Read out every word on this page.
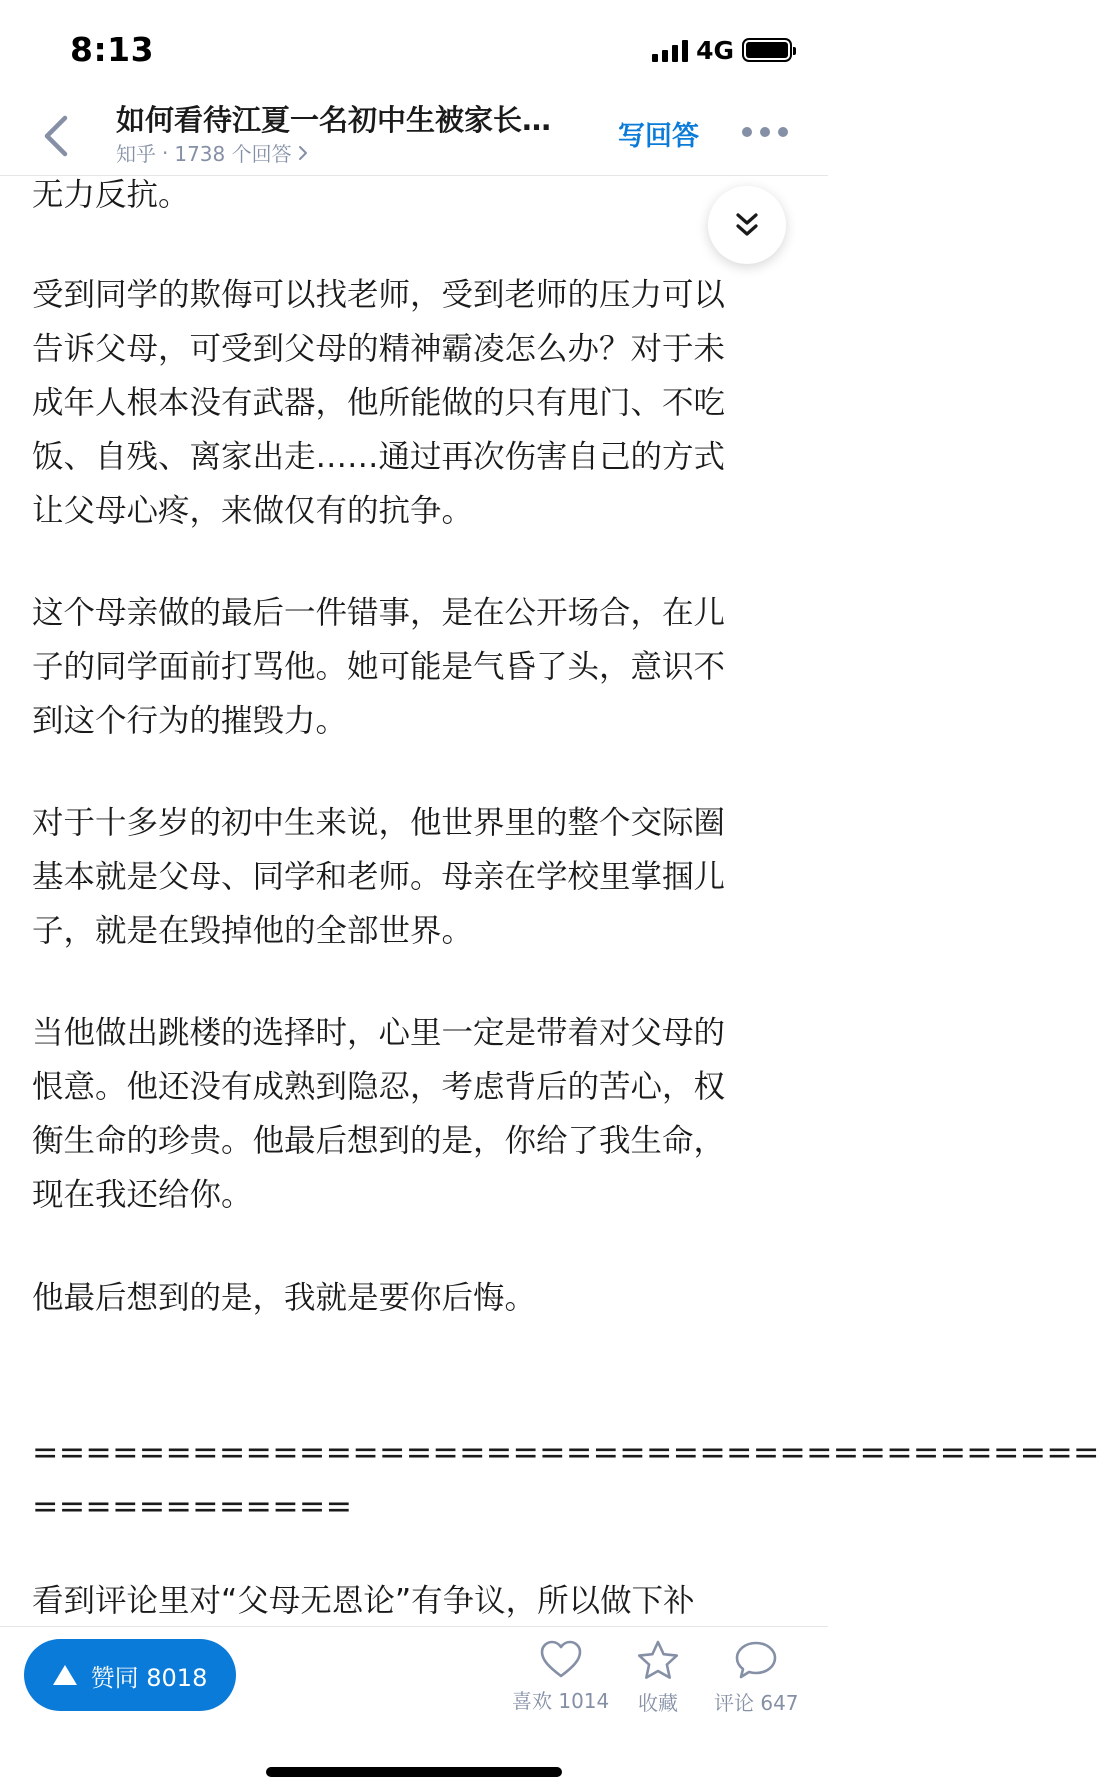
8:13	4G
如何看待江夏一名初中生被家长…
知乎 · 1738 个回答
写回答
无力反抗。
受到同学的欺侮可以找老师，受到老师的压力可以
告诉父母，可受到父母的精神霸凌怎么办？对于未
成年人根本没有武器，他所能做的只有甩门、不吃
饭、自残、离家出走……通过再次伤害自己的方式
让父母心疼，来做仅有的抗争。
这个母亲做的最后一件错事，是在公开场合，在儿
子的同学面前打骂他。她可能是气昏了头，意识不
到这个行为的摧毁力。
对于十多岁的初中生来说，他世界里的整个交际圈
基本就是父母、同学和老师。母亲在学校里掌掴儿
子，就是在毁掉他的全部世界。
当他做出跳楼的选择时，心里一定是带着对父母的
恨意。他还没有成熟到隐忍，考虑背后的苦心，权
衡生命的珍贵。他最后想到的是，你给了我生命，
现在我还给你。
他最后想到的是，我就是要你后悔。
========================================
============
看到评论里对“父母无恩论”有争议，所以做下补
赞同 8018
喜欢 1014 收藏 评论 647
